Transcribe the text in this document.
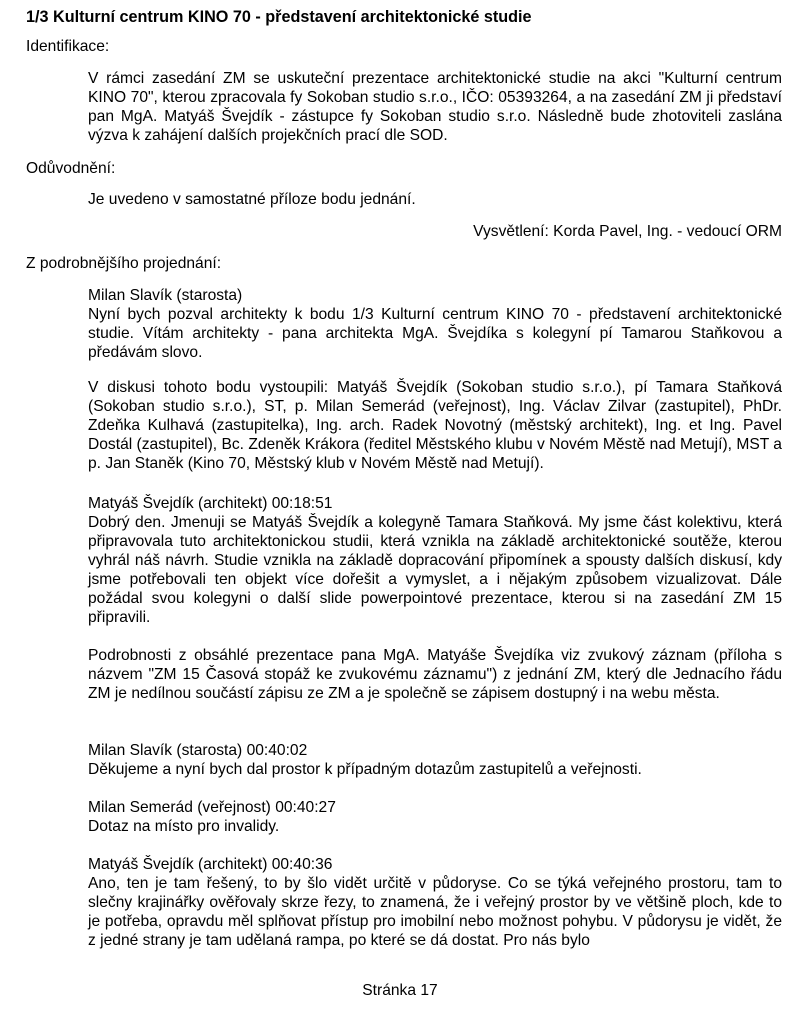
1/3 Kulturní centrum KINO 70 - představení architektonické studie
Identifikace:

V rámci zasedání ZM se uskuteční prezentace architektonické studie na akci "Kulturní centrum KINO 70", kterou zpracovala fy Sokoban studio s.r.o., IČO: 05393264, a na zasedání ZM ji představí pan MgA. Matyáš Švejdík - zástupce fy Sokoban studio s.r.o. Následně bude zhotoviteli zaslána výzva k zahájení dalších projekčních prací dle SOD.

Odůvodnění:

Je uvedeno v samostatné příloze bodu jednání.

Vysvětlení: Korda Pavel, Ing. - vedoucí ORM
Z podrobnějšího projednání:

Milan Slavík (starosta)

Nyní bych pozval architekty k bodu 1/3 Kulturní centrum KINO 70 - představení architektonické studie. Vítám architekty - pana architekta MgA. Švejdíka s kolegyní pí Tamarou Staňkovou a předávám slovo.

V diskusi tohoto bodu vystoupili: Matyáš Švejdík (Sokoban studio s.r.o.), pí Tamara Staňková (Sokoban studio s.r.o.), ST, p. Milan Semerád (veřejnost), Ing. Václav Zilvar (zastupitel), PhDr. Zdeňka Kulhavá (zastupitelka), Ing. arch. Radek Novotný (městský architekt), Ing. et Ing. Pavel Dostál (zastupitel), Bc. Zdeněk Krákora (ředitel Městského klubu v Novém Městě nad Metují), MST a p. Jan Staněk (Kino 70, Městský klub v Novém Městě nad Metují).

Matyáš Švejdík (architekt) 00:18:51

Dobrý den. Jmenuji se Matyáš Švejdík a kolegyně Tamara Staňková. My jsme část kolektivu, která připravovala tuto architektonickou studii, která vznikla na základě architektonické soutěže, kterou vyhrál náš návrh. Studie vznikla na základě dopracování připomínek a spousty dalších diskusí, kdy jsme potřebovali ten objekt více dořešit a vymyslet, a i nějakým způsobem vizualizovat. Dále požádal svou kolegyni o další slide powerpointové prezentace, kterou si na zasedání ZM 15 připravili.

Podrobnosti z obsáhlé prezentace pana MgA. Matyáše Švejdíka viz zvukový záznam (příloha s názvem "ZM 15 Časová stopáž ke zvukovému záznamu") z jednání ZM, který dle Jednacího řádu ZM je nedílnou součástí zápisu ze ZM a je společně se zápisem dostupný i na webu města.

Milan Slavík (starosta) 00:40:02

Děkujeme a nyní bych dal prostor k případným dotazům zastupitelů a veřejnosti.

Milan Semerád (veřejnost) 00:40:27

Dotaz na místo pro invalidy.

Matyáš Švejdík (architekt) 00:40:36

Ano, ten je tam řešený, to by šlo vidět určitě v půdoryse. Co se týká veřejného prostoru, tam to slečny krajinářky ověřovaly skrze řezy, to znamená, že i veřejný prostor by ve většině ploch, kde to je potřeba, opravdu měl splňovat přístup pro imobilní nebo možnost pohybu. V půdorysu je vidět, že z jedné strany je tam udělaná rampa, po které se dá dostat. Pro nás bylo

Stránka 17
